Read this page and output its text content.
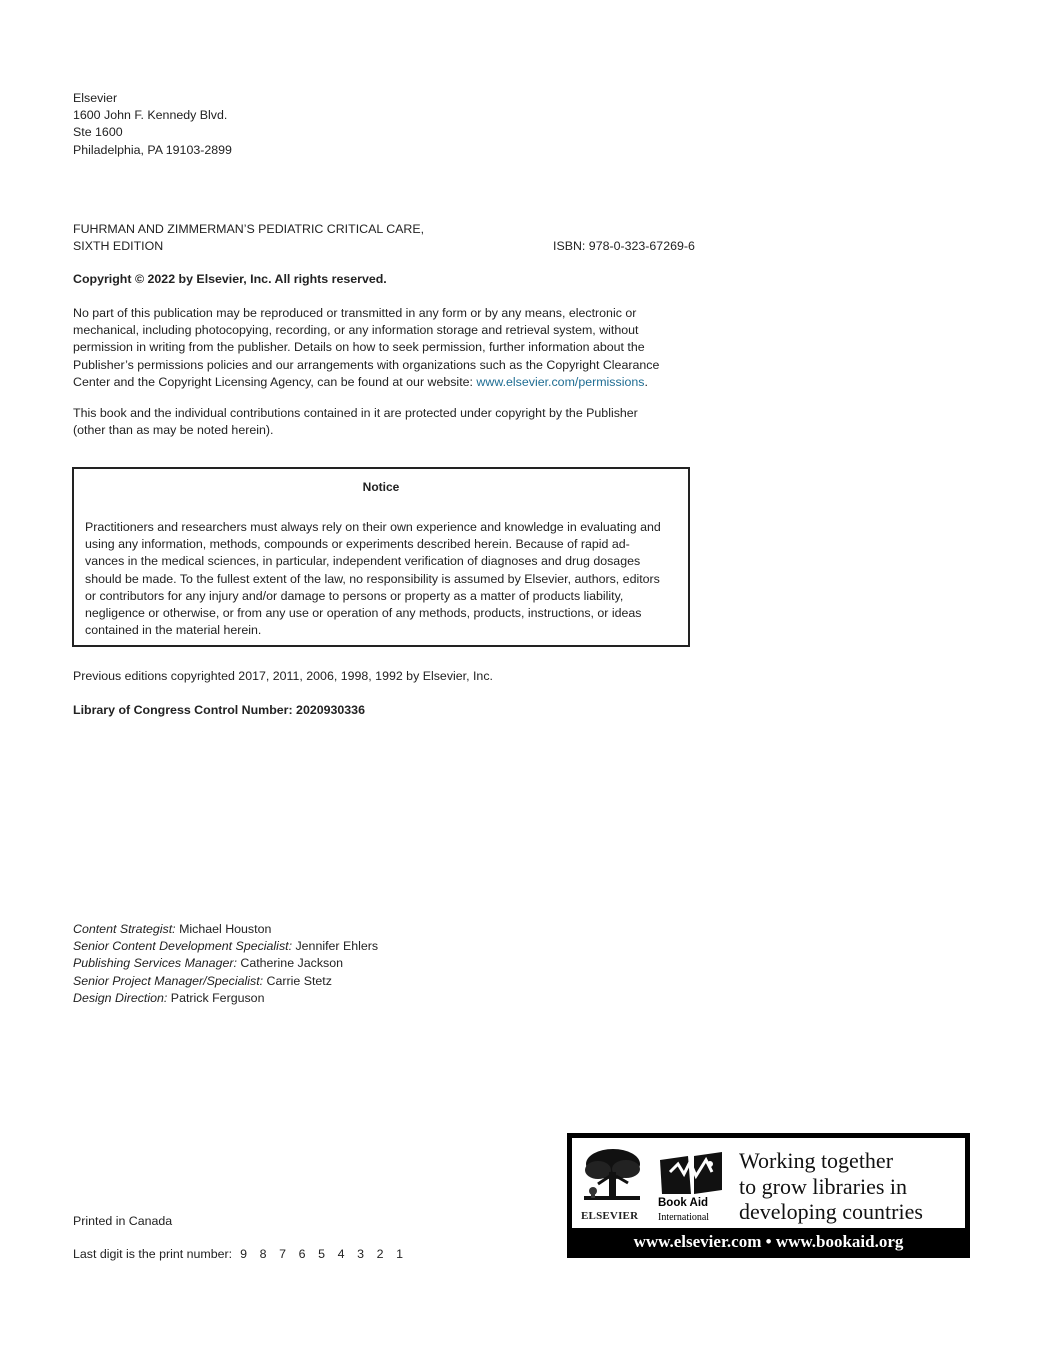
Elsevier
1600 John F. Kennedy Blvd.
Ste 1600
Philadelphia, PA 19103-2899
FUHRMAN AND ZIMMERMAN’S PEDIATRIC CRITICAL CARE,
SIXTH EDITION	ISBN: 978-0-323-67269-6
Copyright © 2022 by Elsevier, Inc. All rights reserved.
No part of this publication may be reproduced or transmitted in any form or by any means, electronic or
mechanical, including photocopying, recording, or any information storage and retrieval system, without
permission in writing from the publisher. Details on how to seek permission, further information about the
Publisher’s permissions policies and our arrangements with organizations such as the Copyright Clearance
Center and the Copyright Licensing Agency, can be found at our website: www.elsevier.com/permissions.
This book and the individual contributions contained in it are protected under copyright by the Publisher
(other than as may be noted herein).
Notice
Practitioners and researchers must always rely on their own experience and knowledge in evaluating and
using any information, methods, compounds or experiments described herein. Because of rapid ad-
vances in the medical sciences, in particular, independent verification of diagnoses and drug dosages
should be made. To the fullest extent of the law, no responsibility is assumed by Elsevier, authors, editors
or contributors for any injury and/or damage to persons or property as a matter of products liability,
negligence or otherwise, or from any use or operation of any methods, products, instructions, or ideas
contained in the material herein.
Previous editions copyrighted 2017, 2011, 2006, 1998, 1992 by Elsevier, Inc.
Library of Congress Control Number: 2020930336
Content Strategist: Michael Houston
Senior Content Development Specialist: Jennifer Ehlers
Publishing Services Manager: Catherine Jackson
Senior Project Manager/Specialist: Carrie Stetz
Design Direction: Patrick Ferguson
Printed in Canada
Last digit is the print number: 9 8 7 6 5 4 3 2 1
ELSEVIER
Book Aid
International
Working together
to grow libraries in
developing countries
www.elsevier.com • www.bookaid.org
